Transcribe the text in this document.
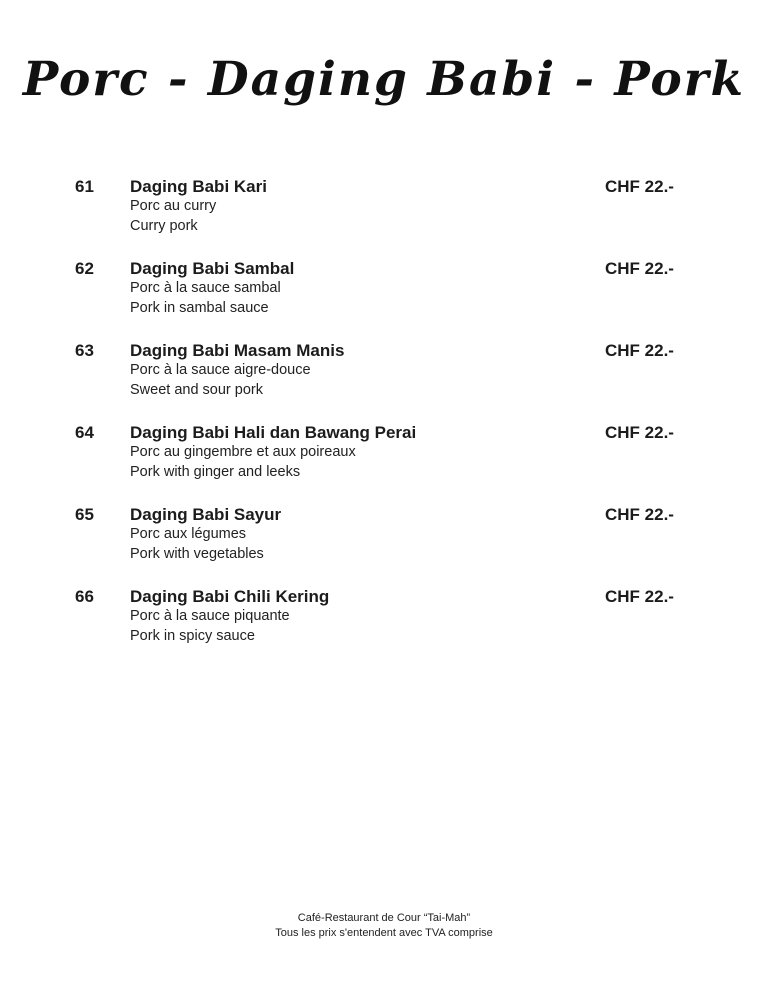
Porc - Daging Babi - Pork
61	Daging Babi Kari
Porc au curry
Curry pork
CHF 22.-
62	Daging Babi Sambal
Porc à la sauce sambal
Pork in sambal sauce
CHF 22.-
63	Daging Babi Masam Manis
Porc à la sauce aigre-douce
Sweet and sour pork
CHF 22.-
64	Daging Babi Hali dan Bawang Perai
Porc au gingembre et aux poireaux
Pork with ginger and leeks
CHF 22.-
65	Daging Babi Sayur
Porc aux légumes
Pork with vegetables
CHF 22.-
66	Daging Babi Chili Kering
Porc à la sauce piquante
Pork in spicy sauce
CHF 22.-
Café-Restaurant de Cour “Tai-Mah”
Tous les prix s'entendent avec TVA comprise
